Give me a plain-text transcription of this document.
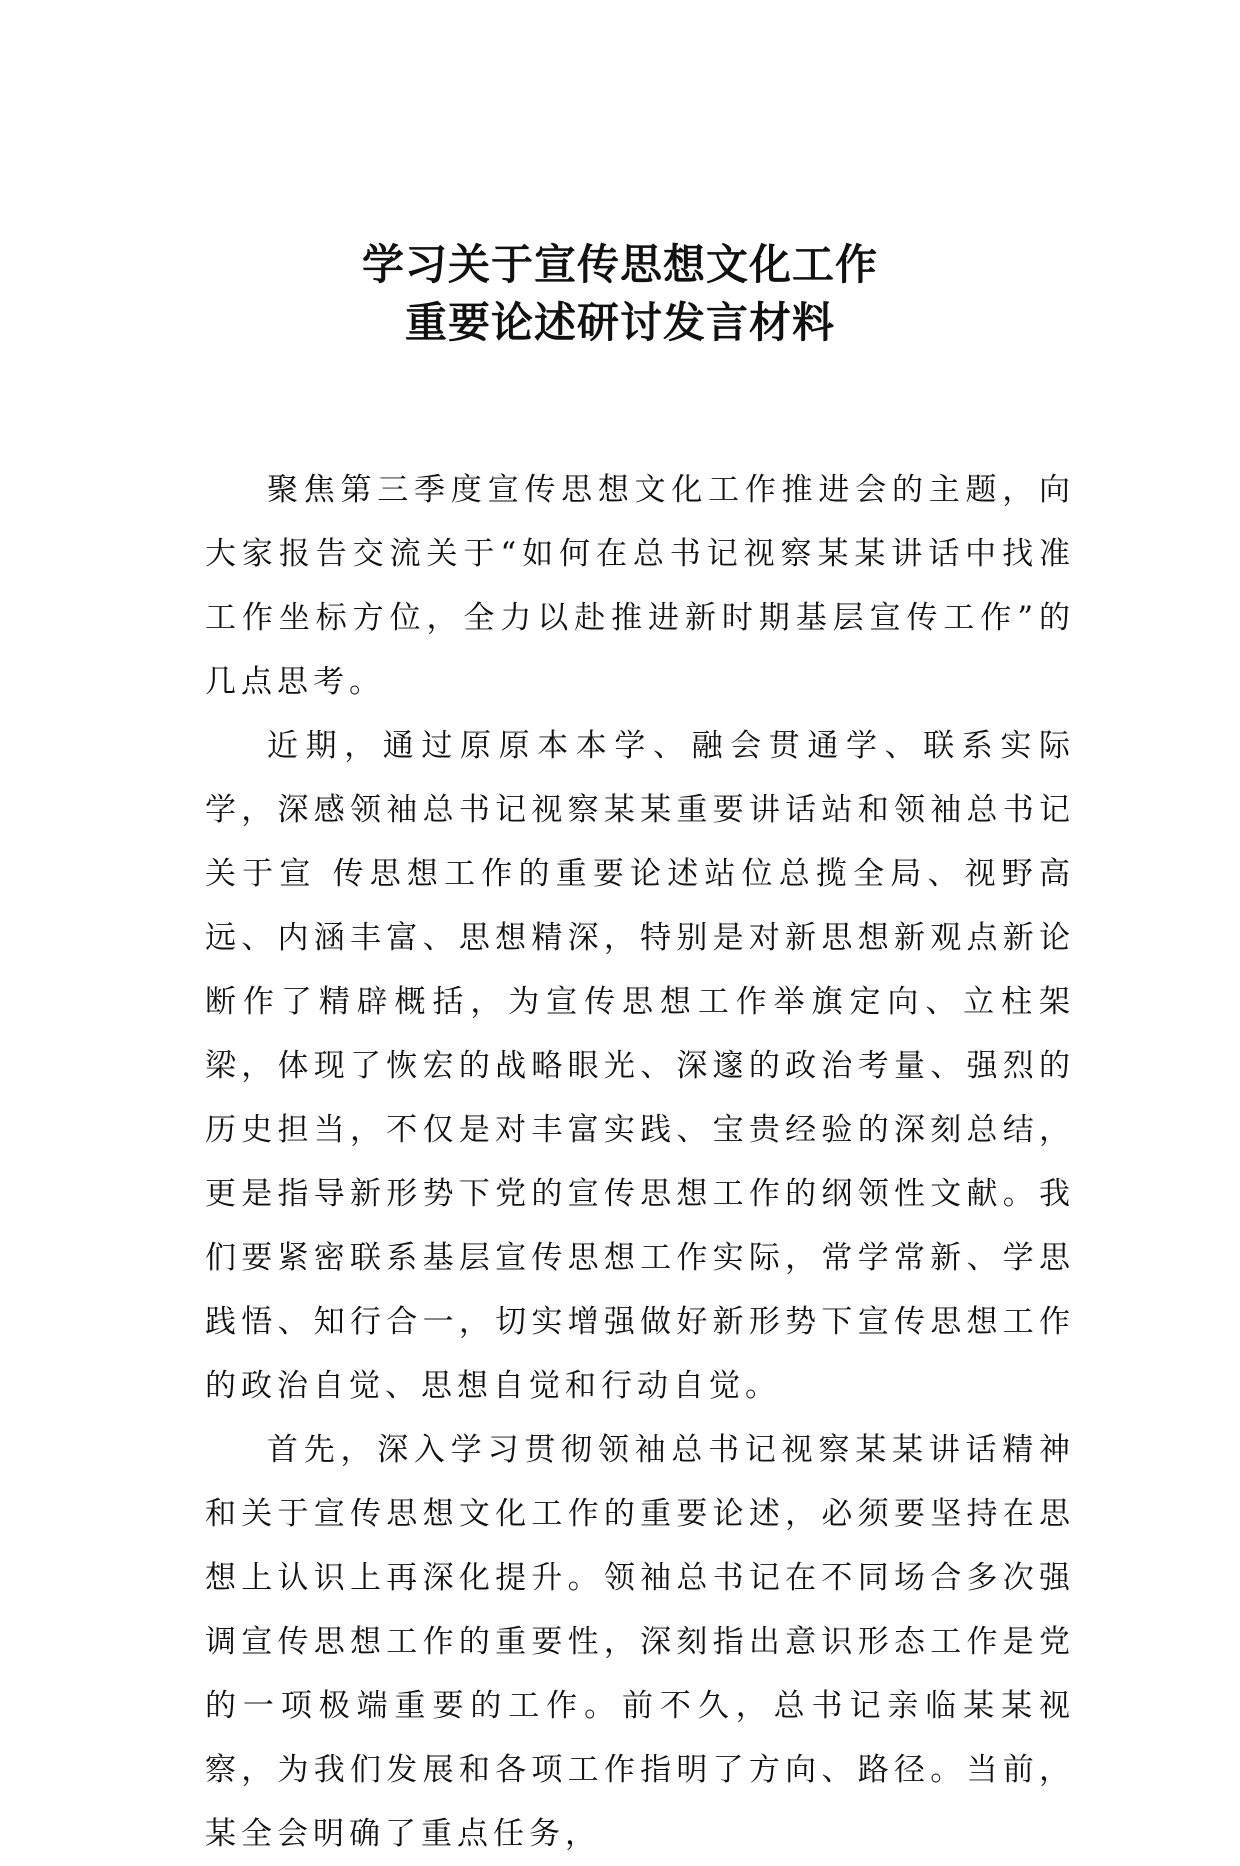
学习关于宣传思想文化工作
重要论述研讨发言材料

聚焦第三季度宣传思想文化工作推进会的主题，向大家报告交流关于“如何在总书记视察某某讲话中找准工作坐标方位，全力以赴推进新时期基层宣传工作”的几点思考。

近期，通过原原本本学、融会贯通学、联系实际学，深感领袖总书记视察某某重要讲话站和领袖总书记关于宣 传思想工作的重要论述站位总揽全局、视野高远、内涵丰富、思想精深，特别是对新思想新观点新论断作了精辟概括，为宣传思想工作举旗定向、立柱架梁，体现了恢宏的战略眼光、深邃的政治考量、强烈的历史担当，不仅是对丰富实践、宝贵经验的深刻总结，更是指导新形势下党的宣传思想工作的纲领性文献。我们要紧密联系基层宣传思想工作实际，常学常新、学思践悟、知行合一，切实增强做好新形势下宣传思想工作的政治自觉、思想自觉和行动自觉。

首先，深入学习贯彻领袖总书记视察某某讲话精神和关于宣传思想文化工作的重要论述，必须要坚持在思想上认识上再深化提升。领袖总书记在不同场合多次强调宣传思想工作的重要性，深刻指出意识形态工作是党的一项极端重要的工作。前不久，总书记亲临某某视察，为我们发展和各项工作指明了方向、路径。当前，某全会明确了重点任务，
